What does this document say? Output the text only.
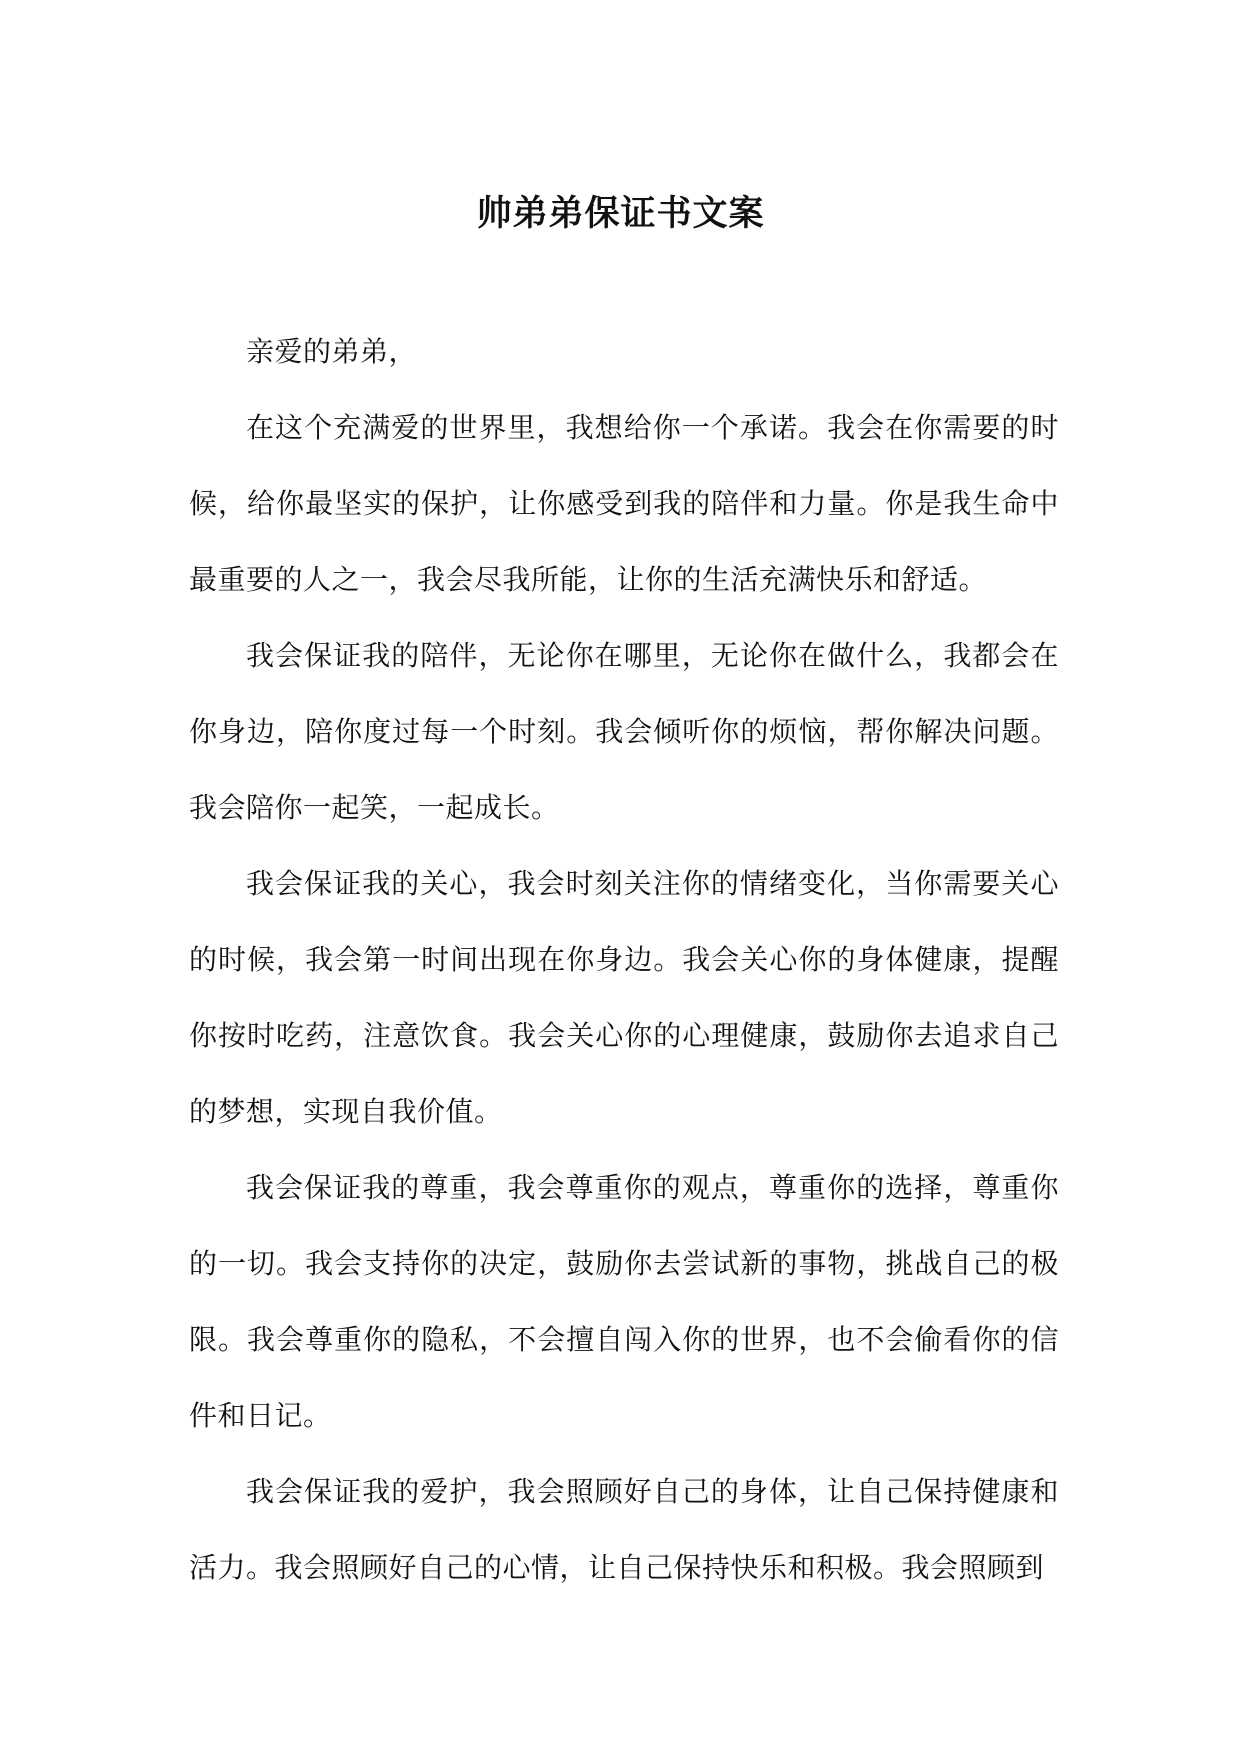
帅弟弟保证书文案

亲爱的弟弟，

在这个充满爱的世界里，我想给你一个承诺。我会在你需要的时候，给你最坚实的保护，让你感受到我的陪伴和力量。你是我生命中最重要的人之一，我会尽我所能，让你的生活充满快乐和舒适。

我会保证我的陪伴，无论你在哪里，无论你在做什么，我都会在你身边，陪你度过每一个时刻。我会倾听你的烦恼，帮你解决问题。我会陪你一起笑，一起成长。

我会保证我的关心，我会时刻关注你的情绪变化，当你需要关心的时候，我会第一时间出现在你身边。我会关心你的身体健康，提醒你按时吃药，注意饮食。我会关心你的心理健康，鼓励你去追求自己的梦想，实现自我价值。

我会保证我的尊重，我会尊重你的观点，尊重你的选择，尊重你的一切。我会支持你的决定，鼓励你去尝试新的事物，挑战自己的极限。我会尊重你的隐私，不会擅自闯入你的世界，也不会偷看你的信件和日记。

我会保证我的爱护，我会照顾好自己的身体，让自己保持健康和活力。我会照顾好自己的心情，让自己保持快乐和积极。我会照顾到
